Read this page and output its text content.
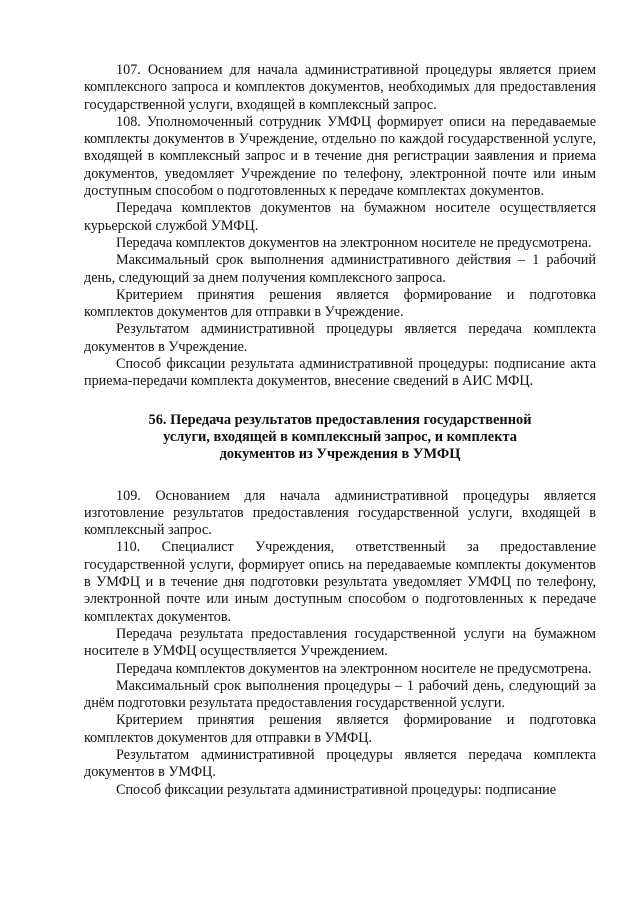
107. Основанием для начала административной процедуры является прием комплексного запроса и комплектов документов, необходимых для предоставления государственной услуги, входящей в комплексный запрос.

108. Уполномоченный сотрудник УМФЦ формирует описи на передаваемые комплекты документов в Учреждение, отдельно по каждой государственной услуге, входящей в комплексный запрос и в течение дня регистрации заявления и приема документов, уведомляет Учреждение по телефону, электронной почте или иным доступным способом о подготовленных к передаче комплектах документов.

Передача комплектов документов на бумажном носителе осуществляется курьерской службой УМФЦ.

Передача комплектов документов на электронном носителе не предусмотрена.

Максимальный срок выполнения административного действия – 1 рабочий день, следующий за днем получения комплексного запроса.

Критерием принятия решения является формирование и подготовка комплектов документов для отправки в Учреждение.

Результатом административной процедуры является передача комплекта документов в Учреждение.

Способ фиксации результата административной процедуры: подписание акта приема-передачи комплекта документов, внесение сведений в АИС МФЦ.

56. Передача результатов предоставления государственной
услуги, входящей в комплексный запрос, и комплекта
документов из Учреждения в УМФЦ

109. Основанием для начала административной процедуры является изготовление результатов предоставления государственной услуги, входящей в комплексный запрос.

110. Специалист Учреждения, ответственный за предоставление государственной услуги, формирует опись на передаваемые комплекты документов в УМФЦ и в течение дня подготовки результата уведомляет УМФЦ по телефону, электронной почте или иным доступным способом о подготовленных к передаче комплектах документов.

Передача результата предоставления государственной услуги на бумажном носителе в УМФЦ осуществляется Учреждением.

Передача комплектов документов на электронном носителе не предусмотрена.

Максимальный срок выполнения процедуры – 1 рабочий день, следующий за днём подготовки результата предоставления государственной услуги.

Критерием принятия решения является формирование и подготовка комплектов документов для отправки в УМФЦ.

Результатом административной процедуры является передача комплекта документов в УМФЦ.

Способ фиксации результата административной процедуры: подписание
